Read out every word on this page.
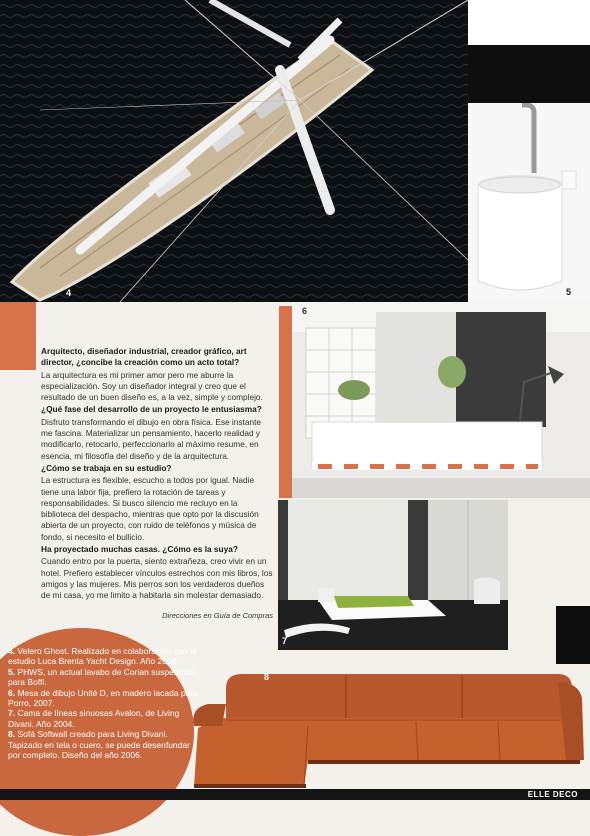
4	5
6

Arquitecto, diseñador industrial, creador gráfico, art director, ¿concibe la creación como un acto total?

La arquitectura es mi primer amor pero me aburre la especialización. Soy un diseñador integral y creo que el resultado de un buen diseño es, a la vez, simple y complejo.

¿Qué fase del desarrollo de un proyecto le entusiasma?

Disfruto transformando el dibujo en obra física. Ese instante me fascina. Materializar un pensamiento, hacerlo realidad y modificarlo, retocarlo, perfeccionarlo al máximo resume, en esencia, mi filosofía del diseño y de la arquitectura.

¿Cómo se trabaja en su estudio?

La estructura es flexible, escucho a todos por igual. Nadie tiene una labor fija, prefiero la rotación de tareas y responsabilidades. Si busco silencio me recluyo en la biblioteca del despacho, mientras que opto por la discusión abierta de un proyecto, con ruido de teléfonos y música de fondo, si necesito el bullicio.

Ha proyectado muchas casas. ¿Cómo es la suya?

Cuando entro por la puerta, siento extrañeza, creo vivir en un hotel. Prefiero establecer vínculos estrechos con mis libros, los amigos y las mujeres. Mis perros son los verdaderos dueños de mi casa, yo me limito a habitarla sin molestar demasiado.

Direcciones en Guía de Compras

7

4. Velero Ghost. Realizado en colaboración con el estudio Luca Brenta Yacht Design. Año 2004.

5. PHWS, un actual lavabo de Corian suspendido para Boffi.

6. Mesa de dibujo Unité D, en madero lacada para Porro, 2007.

7. Cama de líneas sinuosas Avalon, de Living Divani. Año 2004.

8. Sofá Softwall creado para Living Divani. Tapizado en tela o cuero, se puede desenfundar por completo. Diseño del año 2006.

8
ELLE DECO
